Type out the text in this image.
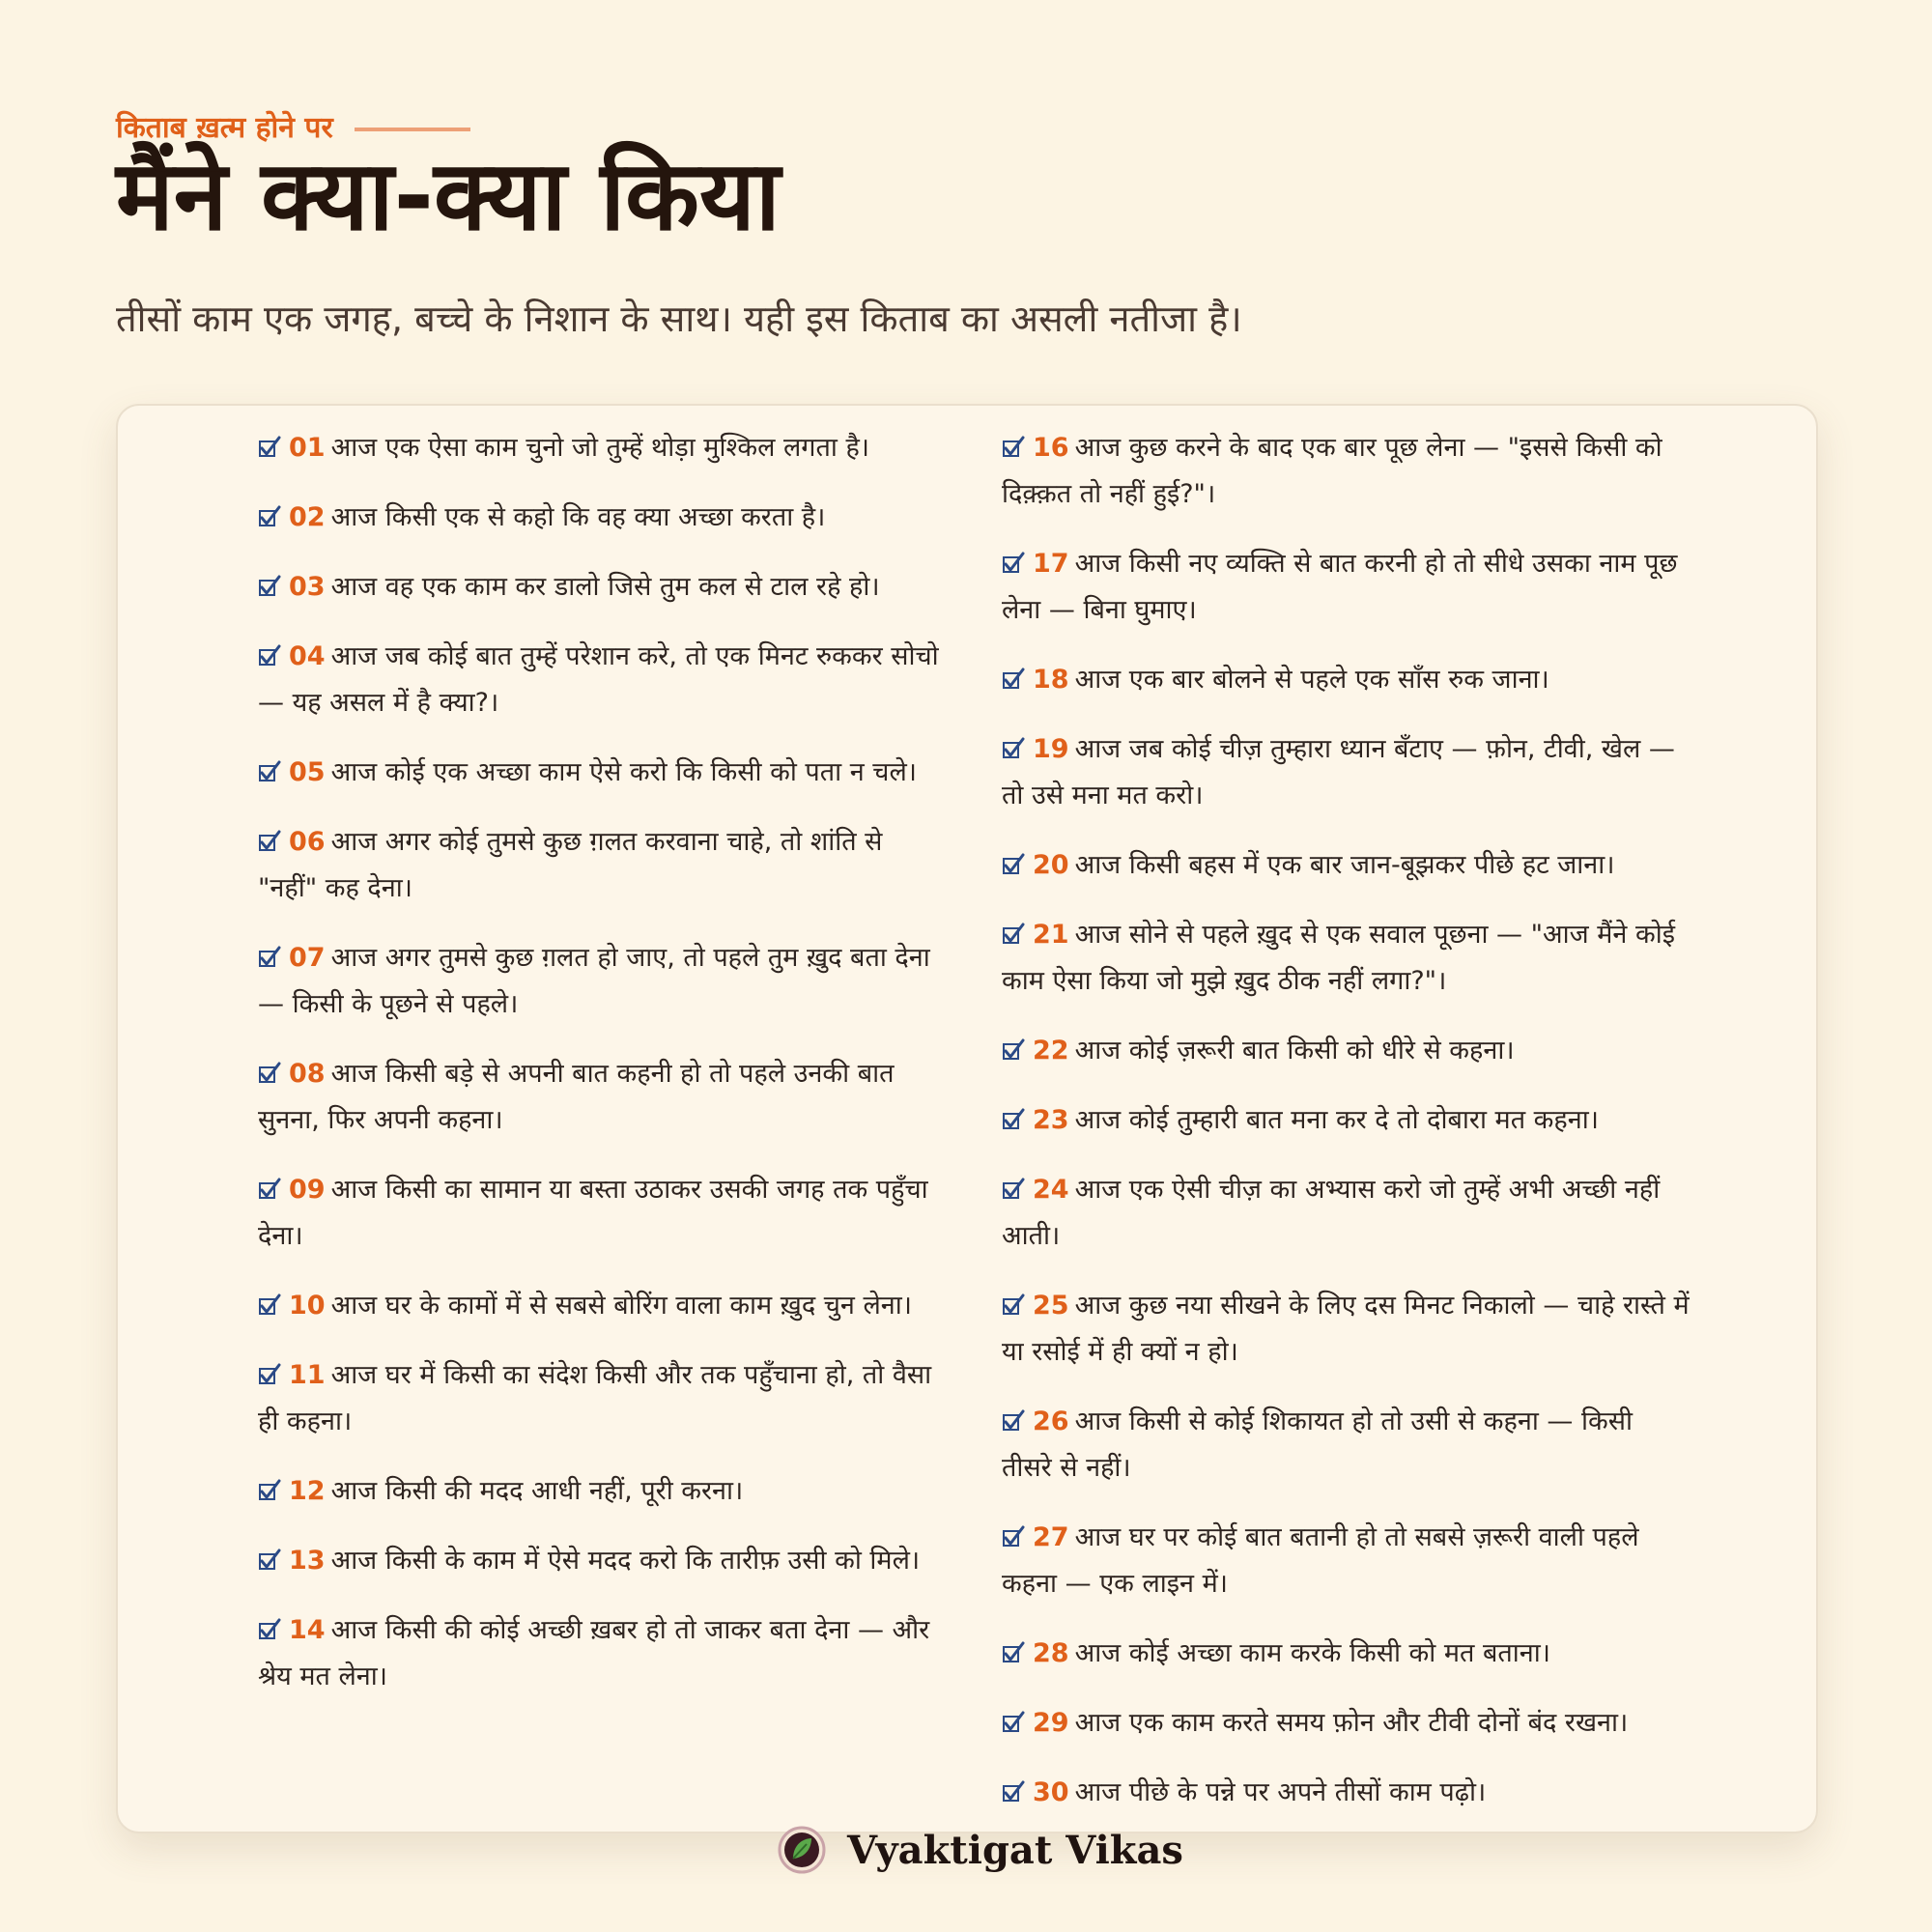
किताब ख़त्म होने पर
मैंने क्या-क्या किया

तीसों काम एक जगह, बच्चे के निशान के साथ। यही इस किताब का असली नतीजा है।

01 आज एक ऐसा काम चुनो जो तुम्हें थोड़ा मुश्किल लगता है।
02 आज किसी एक से कहो कि वह क्या अच्छा करता है।
03 आज वह एक काम कर डालो जिसे तुम कल से टाल रहे हो।
04 आज जब कोई बात तुम्हें परेशान करे, तो एक मिनट रुककर सोचो — यह असल में है क्या?।
05 आज कोई एक अच्छा काम ऐसे करो कि किसी को पता न चले।
06 आज अगर कोई तुमसे कुछ ग़लत करवाना चाहे, तो शांति से "नहीं" कह देना।
07 आज अगर तुमसे कुछ ग़लत हो जाए, तो पहले तुम ख़ुद बता देना — किसी के पूछने से पहले।
08 आज किसी बड़े से अपनी बात कहनी हो तो पहले उनकी बात सुनना, फिर अपनी कहना।
09 आज किसी का सामान या बस्ता उठाकर उसकी जगह तक पहुँचा देना।
10 आज घर के कामों में से सबसे बोरिंग वाला काम ख़ुद चुन लेना।
11 आज घर में किसी का संदेश किसी और तक पहुँचाना हो, तो वैसा ही कहना।
12 आज किसी की मदद आधी नहीं, पूरी करना।
13 आज किसी के काम में ऐसे मदद करो कि तारीफ़ उसी को मिले।
14 आज किसी की कोई अच्छी ख़बर हो तो जाकर बता देना — और श्रेय मत लेना।
16 आज कुछ करने के बाद एक बार पूछ लेना — "इससे किसी को दिक़्क़त तो नहीं हुई?"।
17 आज किसी नए व्यक्ति से बात करनी हो तो सीधे उसका नाम पूछ लेना — बिना घुमाए।
18 आज एक बार बोलने से पहले एक साँस रुक जाना।
19 आज जब कोई चीज़ तुम्हारा ध्यान बँटाए — फ़ोन, टीवी, खेल — तो उसे मना मत करो।
20 आज किसी बहस में एक बार जान-बूझकर पीछे हट जाना।
21 आज सोने से पहले ख़ुद से एक सवाल पूछना — "आज मैंने कोई काम ऐसा किया जो मुझे ख़ुद ठीक नहीं लगा?"।
22 आज कोई ज़रूरी बात किसी को धीरे से कहना।
23 आज कोई तुम्हारी बात मना कर दे तो दोबारा मत कहना।
24 आज एक ऐसी चीज़ का अभ्यास करो जो तुम्हें अभी अच्छी नहीं आती।
25 आज कुछ नया सीखने के लिए दस मिनट निकालो — चाहे रास्ते में या रसोई में ही क्यों न हो।
26 आज किसी से कोई शिकायत हो तो उसी से कहना — किसी तीसरे से नहीं।
27 आज घर पर कोई बात बतानी हो तो सबसे ज़रूरी वाली पहले कहना — एक लाइन में।
28 आज कोई अच्छा काम करके किसी को मत बताना।
29 आज एक काम करते समय फ़ोन और टीवी दोनों बंद रखना।
30 आज पीछे के पन्ने पर अपने तीसों काम पढ़ो।
Vyaktigat Vikas
